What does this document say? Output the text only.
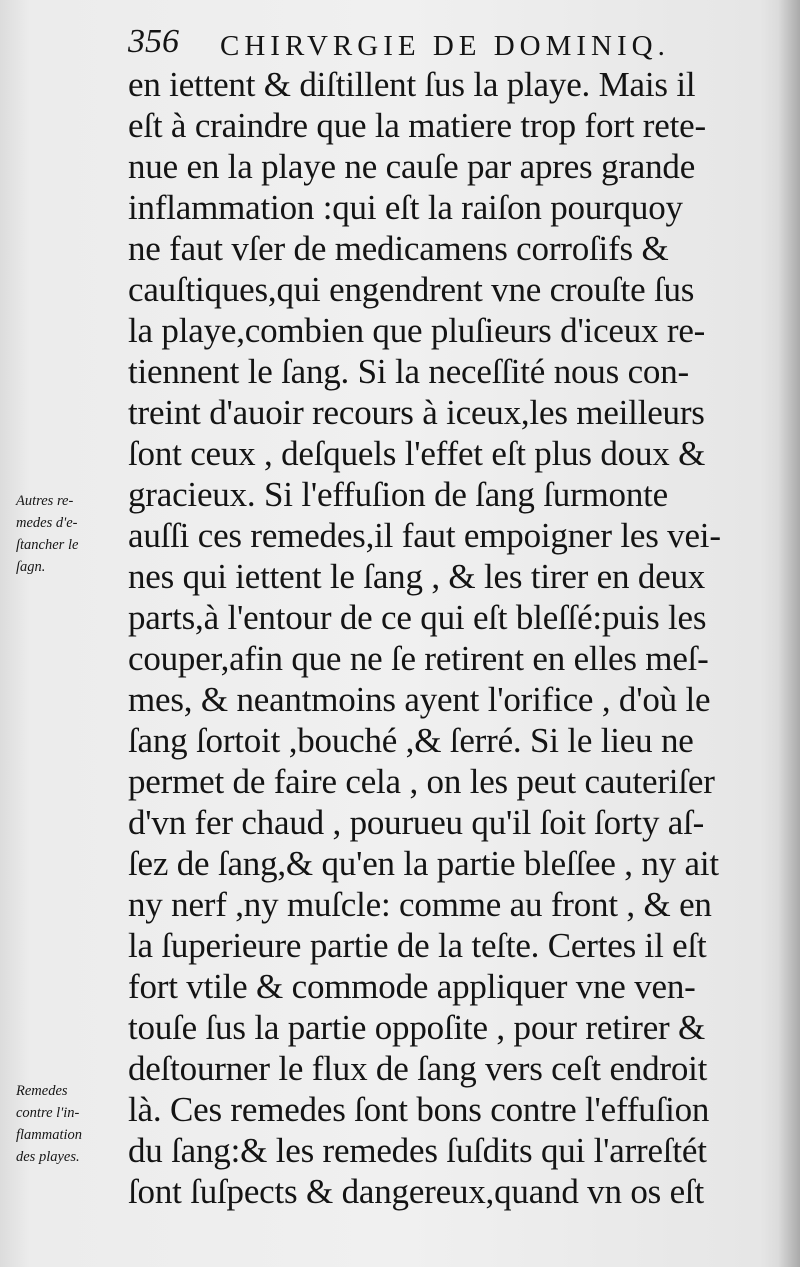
356 CHIRVRGIE DE DOMINIQ.
en iettent & diſtillent ſus la playe. Mais il
eſt à craindre que la matiere trop fort rete-
nue en la playe ne cauſe par apres grande
inflammation :qui eſt la raiſon pourquoy
ne faut vſer de medicamens corroſifs &
cauſtiques,qui engendrent vne crouſte ſus
la playe,combien que pluſieurs d'iceux re-
tiennent le ſang. Si la neceſſité nous con-
treint d'auoir recours à iceux,les meilleurs
ſont ceux , deſquels l'effet eſt plus doux &
gracieux. Si l'effuſion de ſang ſurmonte
auſſi ces remedes,il faut empoigner les vei-
nes qui iettent le ſang , & les tirer en deux
parts,à l'entour de ce qui eſt bleſſé:puis les
couper,afin que ne ſe retirent en elles meſ-
mes, & neantmoins ayent l'orifice , d'où le
ſang ſortoit ,bouché ,& ſerré. Si le lieu ne
permet de faire cela , on les peut cauteriſer
d'vn fer chaud , pourueu qu'il ſoit ſorty aſ-
ſez de ſang,& qu'en la partie bleſſee , ny ait
ny nerf ,ny muſcle: comme au front , & en
la ſuperieure partie de la teſte. Certes il eſt
fort vtile & commode appliquer vne ven-
touſe ſus la partie oppoſite , pour retirer &
deſtourner le flux de ſang vers ceſt endroit
là. Ces remedes ſont bons contre l'effuſion
du ſang:& les remedes ſuſdits qui l'arreſtét
ſont ſuſpects & dangereux,quand vn os eſt
Autres re-
medes d'e-
ſtancher le
ſagn.
Remedes
contre l'in-
flammation
des playes.
